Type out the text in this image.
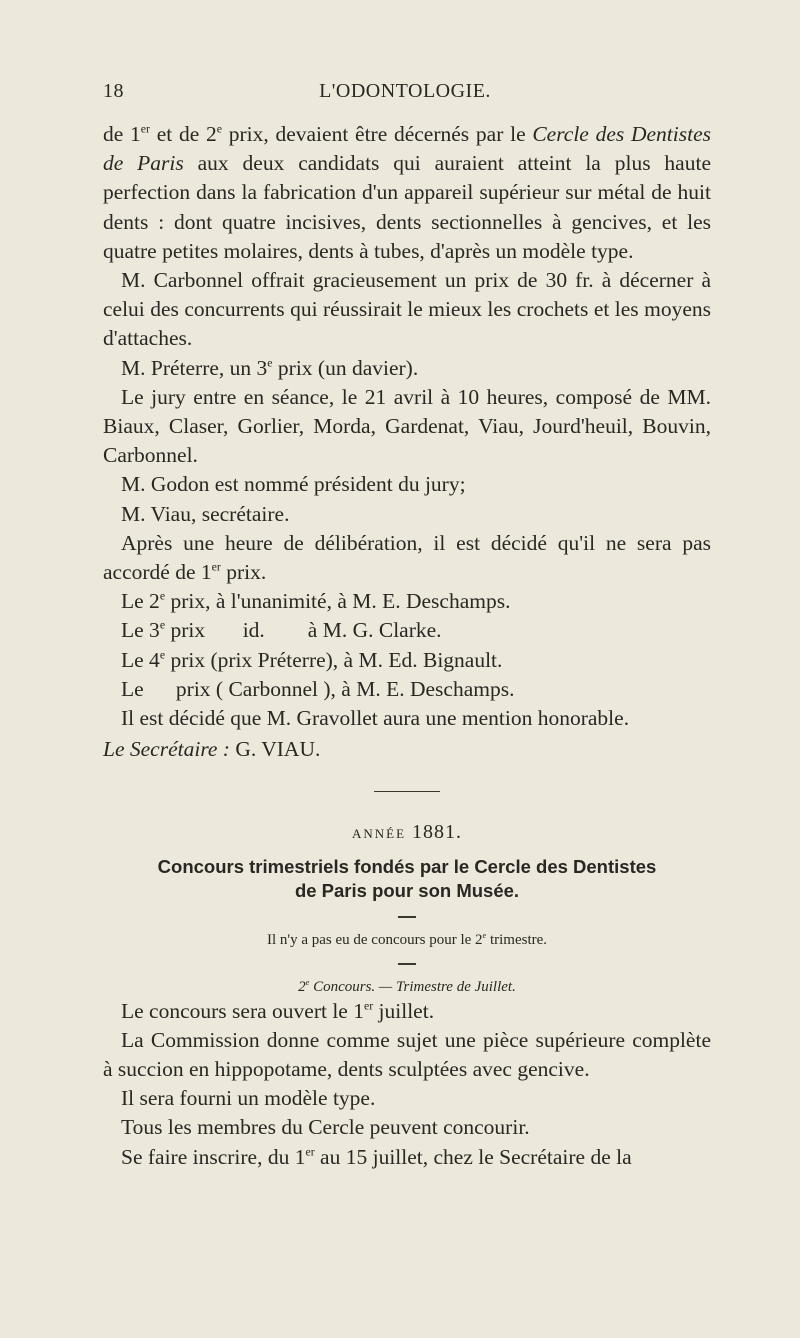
18	L'ODONTOLOGIE.

de 1er et de 2e prix, devaient être décernés par le Cercle des Dentistes de Paris aux deux candidats qui auraient atteint la plus haute perfection dans la fabrication d'un appareil supérieur sur métal de huit dents : dont quatre incisives, dents sectionnelles à gencives, et les quatre petites molaires, dents à tubes, d'après un modèle type.

M. Carbonnel offrait gracieusement un prix de 30 fr. à décerner à celui des concurrents qui réussirait le mieux les crochets et les moyens d'attaches.

M. Préterre, un 3e prix (un davier).

Le jury entre en séance, le 21 avril à 10 heures, composé de MM. Biaux, Claser, Gorlier, Morda, Gardenat, Viau, Jourd'heuil, Bouvin, Carbonnel.

M. Godon est nommé président du jury;

M. Viau, secrétaire.

Après une heure de délibération, il est décidé qu'il ne sera pas accordé de 1er prix.

Le 2e prix, à l'unanimité, à M. E. Deschamps.

Le 3e prix       id.        à M. G. Clarke.

Le 4e prix (prix Préterre), à M. Ed. Bignault.

Le      prix ( Carbonnel ), à M. E. Deschamps.

Il est décidé que M. Gravollet aura une mention honorable.

Le Secrétaire : G. VIAU.

ANNÉE 1881.

Concours trimestriels fondés par le Cercle des Dentistes
de Paris pour son Musée.

Il n'y a pas eu de concours pour le 2e trimestre.

2e Concours. — Trimestre de Juillet.

Le concours sera ouvert le 1er juillet.

La Commission donne comme sujet une pièce supérieure complète à succion en hippopotame, dents sculptées avec gencive.

Il sera fourni un modèle type.

Tous les membres du Cercle peuvent concourir.

Se faire inscrire, du 1er au 15 juillet, chez le Secrétaire de la
